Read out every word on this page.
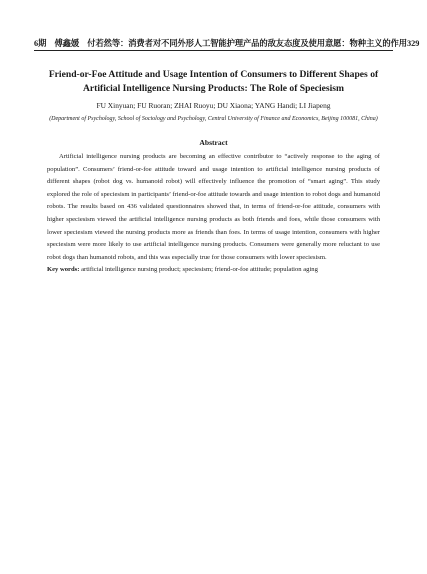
6期 傅鑫媛　付若然等：消费者对不同外形人工智能护理产品的敌友态度及使用意愿：物种主义的作用 329
Friend-or-Foe Attitude and Usage Intention of Consumers to Different Shapes of
Artificial Intelligence Nursing Products: The Role of Speciesism
FU Xinyuan; FU Ruoran; ZHAI Ruoyu; DU Xiaona; YANG Handi; LI Jiapeng
(Department of Psychology, School of Sociology and Psychology, Central University of Finance and Economics, Beijing 100081, China)
Abstract

Artificial intelligence nursing products are becoming an effective contributor to “actively response to the aging of population”. Consumers’ friend-or-foe attitude toward and usage intention to artificial intelligence nursing products of different shapes (robot dog vs. humanoid robot) will effectively influence the promotion of “smart aging”. This study explored the role of speciesism in participants’ friend-or-foe attitude towards and usage intention to robot dogs and humanoid robots. The results based on 436 validated questionnaires showed that, in terms of friend-or-foe attitude, consumers with higher speciesism viewed the artificial intelligence nursing products as both friends and foes, while those consumers with lower speciesism viewed the nursing products more as friends than foes. In terms of usage intention, consumers with higher speciesism were more likely to use artificial intelligence nursing products. Consumers were generally more reluctant to use robot dogs than humanoid robots, and this was especially true for those consumers with lower speciesism.

Key words: artificial intelligence nursing product; speciesism; friend-or-foe attitude; population aging
